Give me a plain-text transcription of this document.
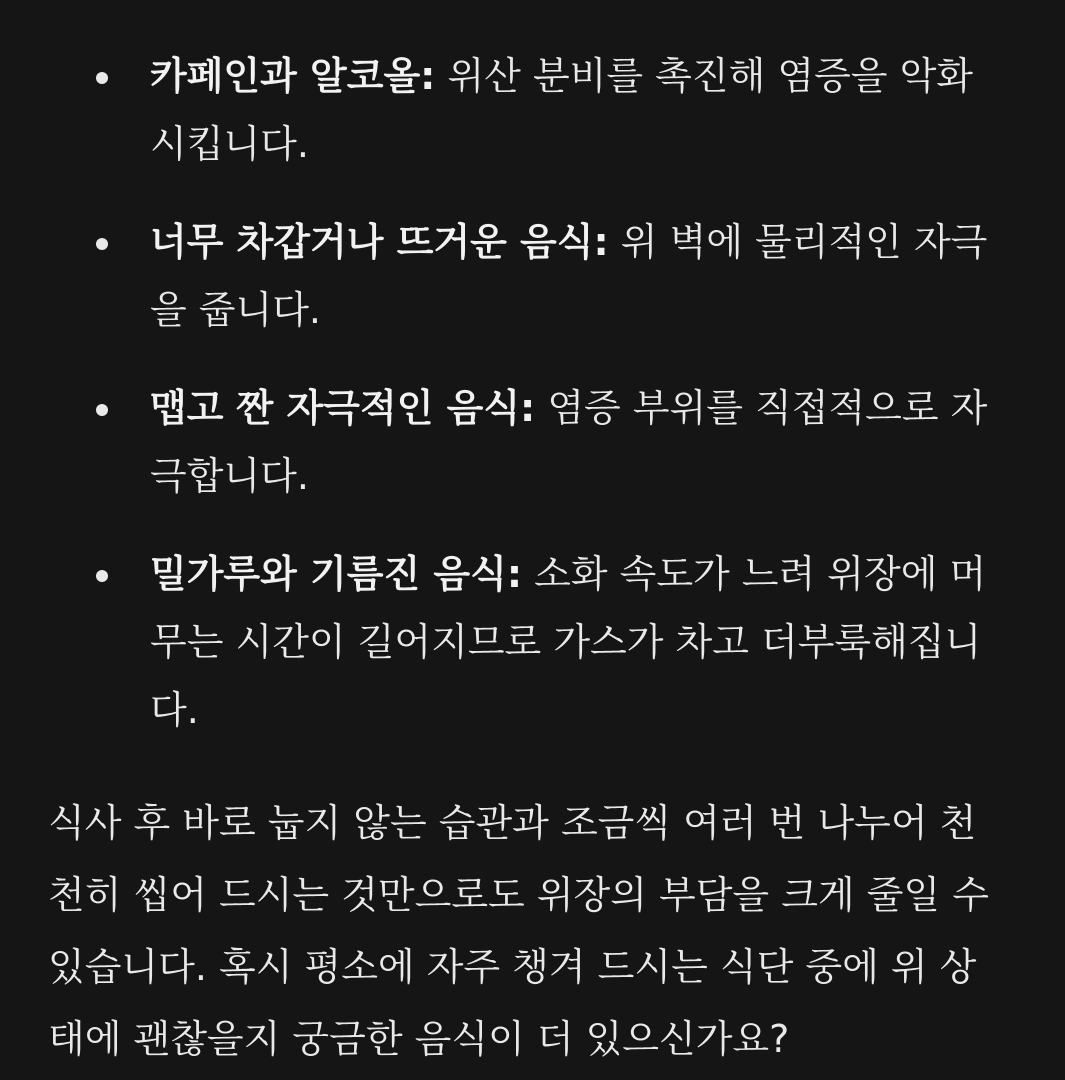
카페인과 알코올: 위산 분비를 촉진해 염증을 악화시킵니다.
너무 차갑거나 뜨거운 음식: 위 벽에 물리적인 자극을 줍니다.
맵고 짠 자극적인 음식: 염증 부위를 직접적으로 자극합니다.
밀가루와 기름진 음식: 소화 속도가 느려 위장에 머무는 시간이 길어지므로 가스가 차고 더부룩해집니다.

식사 후 바로 눕지 않는 습관과 조금씩 여러 번 나누어 천천히 씹어 드시는 것만으로도 위장의 부담을 크게 줄일 수 있습니다. 혹시 평소에 자주 챙겨 드시는 식단 중에 위 상태에 괜찮을지 궁금한 음식이 더 있으신가요?
